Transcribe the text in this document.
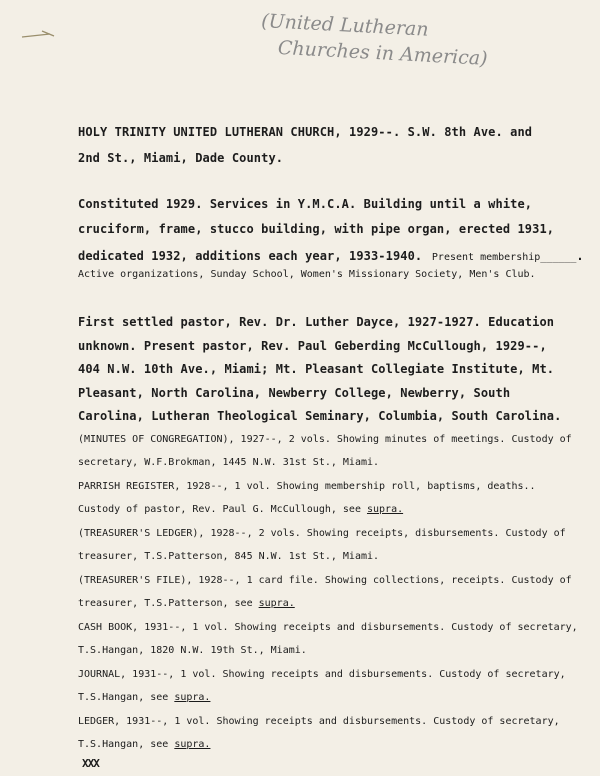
(United Lutheran
Churches in America)
HOLY TRINITY UNITED LUTHERAN CHURCH, 1929--. S.W. 8th Ave. and
2nd St., Miami, Dade County.
Constituted 1929. Services in Y.M.C.A. Building until a white,
cruciform, frame, stucco building, with pipe organ, erected 1931,
dedicated 1932, additions each year, 1933-1940. Present membership______.
Active organizations, Sunday School, Women's Missionary Society, Men's Club.
First settled pastor, Rev. Dr. Luther Dayce, 1927-1927. Education
unknown. Present pastor, Rev. Paul Geberding McCullough, 1929--,
404 N.W. 10th Ave., Miami; Mt. Pleasant Collegiate Institute, Mt.
Pleasant, North Carolina, Newberry College, Newberry, South
Carolina, Lutheran Theological Seminary, Columbia, South Carolina.
(MINUTES OF CONGREGATION), 1927--, 2 vols. Showing minutes of meetings. Custody of
secretary, W.F.Brokman, 1445 N.W. 31st St., Miami.
PARRISH REGISTER, 1928--, 1 vol. Showing membership roll, baptisms, deaths..
Custody of pastor, Rev. Paul G. McCullough, see supra.
(TREASURER'S LEDGER), 1928--, 2 vols. Showing receipts, disbursements. Custody of
treasurer, T.S.Patterson, 845 N.W. 1st St., Miami.
(TREASURER'S FILE), 1928--, 1 card file. Showing collections, receipts. Custody of
treasurer, T.S.Patterson, see supra.
CASH BOOK, 1931--, 1 vol. Showing receipts and disbursements. Custody of secretary,
T.S.Hangan, 1820 N.W. 19th St., Miami.
JOURNAL, 1931--, 1 vol. Showing receipts and disbursements. Custody of secretary,
T.S.Hangan, see supra.
LEDGER, 1931--, 1 vol. Showing receipts and disbursements. Custody of secretary,
T.S.Hangan, see supra.
XXX
